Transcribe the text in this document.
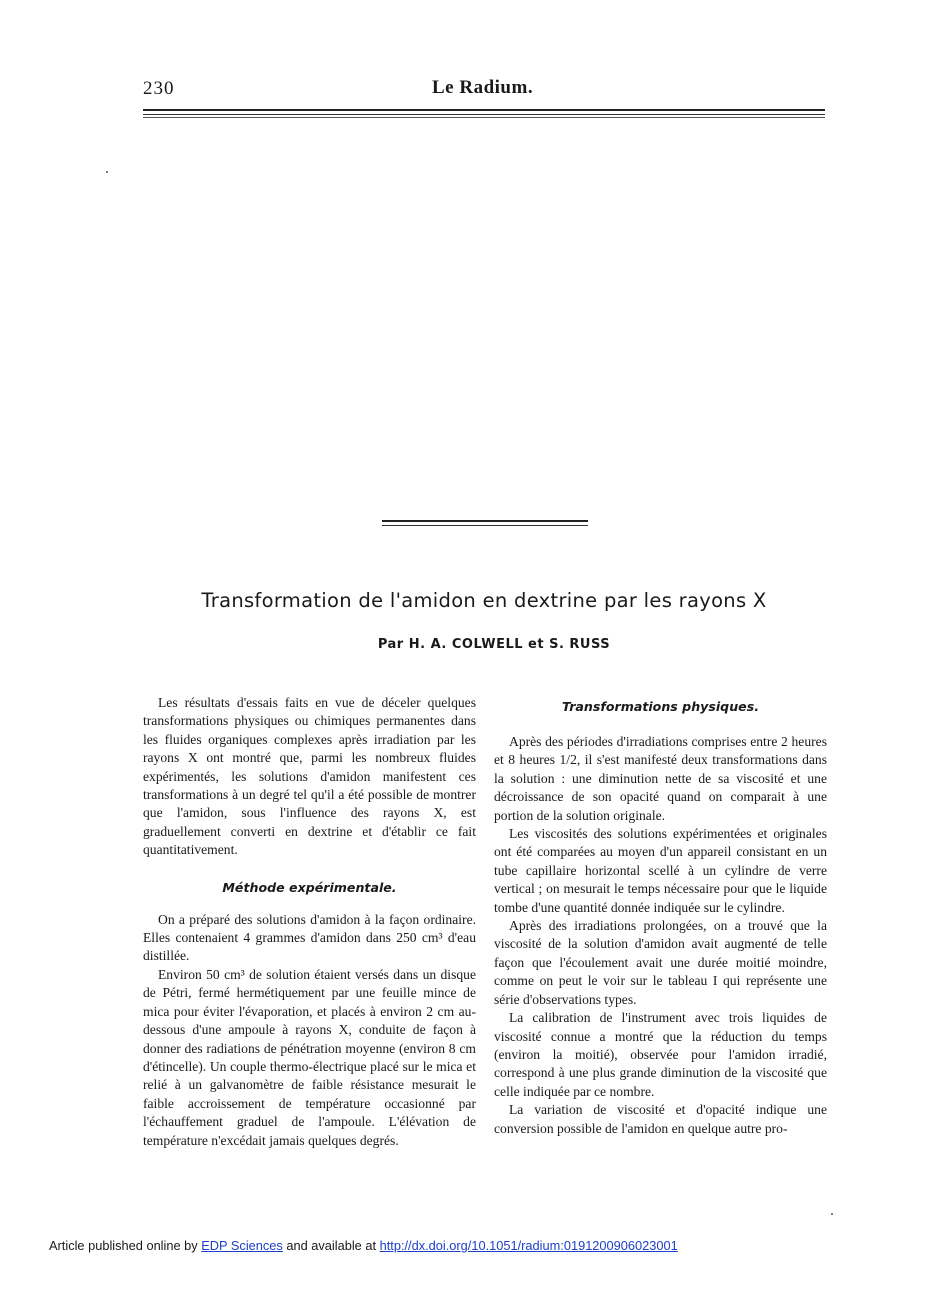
230	Le Radium.
Transformation de l'amidon en dextrine par les rayons X
Par H. A. COLWELL et S. RUSS

Les résultats d'essais faits en vue de déceler quelques transformations physiques ou chimiques permanentes dans les fluides organiques complexes après irradiation par les rayons X ont montré que, parmi les nombreux fluides expérimentés, les solutions d'amidon manifestent ces transformations à un degré tel qu'il a été possible de montrer que l'amidon, sous l'influence des rayons X, est graduellement converti en dextrine et d'établir ce fait quantitativement.

Méthode expérimentale.

On a préparé des solutions d'amidon à la façon ordinaire. Elles contenaient 4 grammes d'amidon dans 250 cm³ d'eau distillée.

Environ 50 cm³ de solution étaient versés dans un disque de Pétri, fermé hermétiquement par une feuille mince de mica pour éviter l'évaporation, et placés à environ 2 cm au-dessous d'une ampoule à rayons X, conduite de façon à donner des radiations de pénétration moyenne (environ 8 cm d'étincelle). Un couple thermo-électrique placé sur le mica et relié à un galvanomètre de faible résistance mesurait le faible accroissement de température occasionné par l'échauffement graduel de l'ampoule. L'élévation de température n'excédait jamais quelques degrés.

Transformations physiques.

Après des périodes d'irradiations comprises entre 2 heures et 8 heures 1/2, il s'est manifesté deux transformations dans la solution : une diminution nette de sa viscosité et une décroissance de son opacité quand on comparait à une portion de la solution originale.

Les viscosités des solutions expérimentées et originales ont été comparées au moyen d'un appareil consistant en un tube capillaire horizontal scellé à un cylindre de verre vertical ; on mesurait le temps nécessaire pour que le liquide tombe d'une quantité donnée indiquée sur le cylindre.

Après des irradiations prolongées, on a trouvé que la viscosité de la solution d'amidon avait augmenté de telle façon que l'écoulement avait une durée moitié moindre, comme on peut le voir sur le tableau I qui représente une série d'observations types.

La calibration de l'instrument avec trois liquides de viscosité connue a montré que la réduction du temps (environ la moitié), observée pour l'amidon irradié, correspond à une plus grande diminution de la viscosité que celle indiquée par ce nombre.

La variation de viscosité et d'opacité indique une conversion possible de l'amidon en quelque autre pro-

Article published online by EDP Sciences and available at http://dx.doi.org/10.1051/radium:0191200906023001
